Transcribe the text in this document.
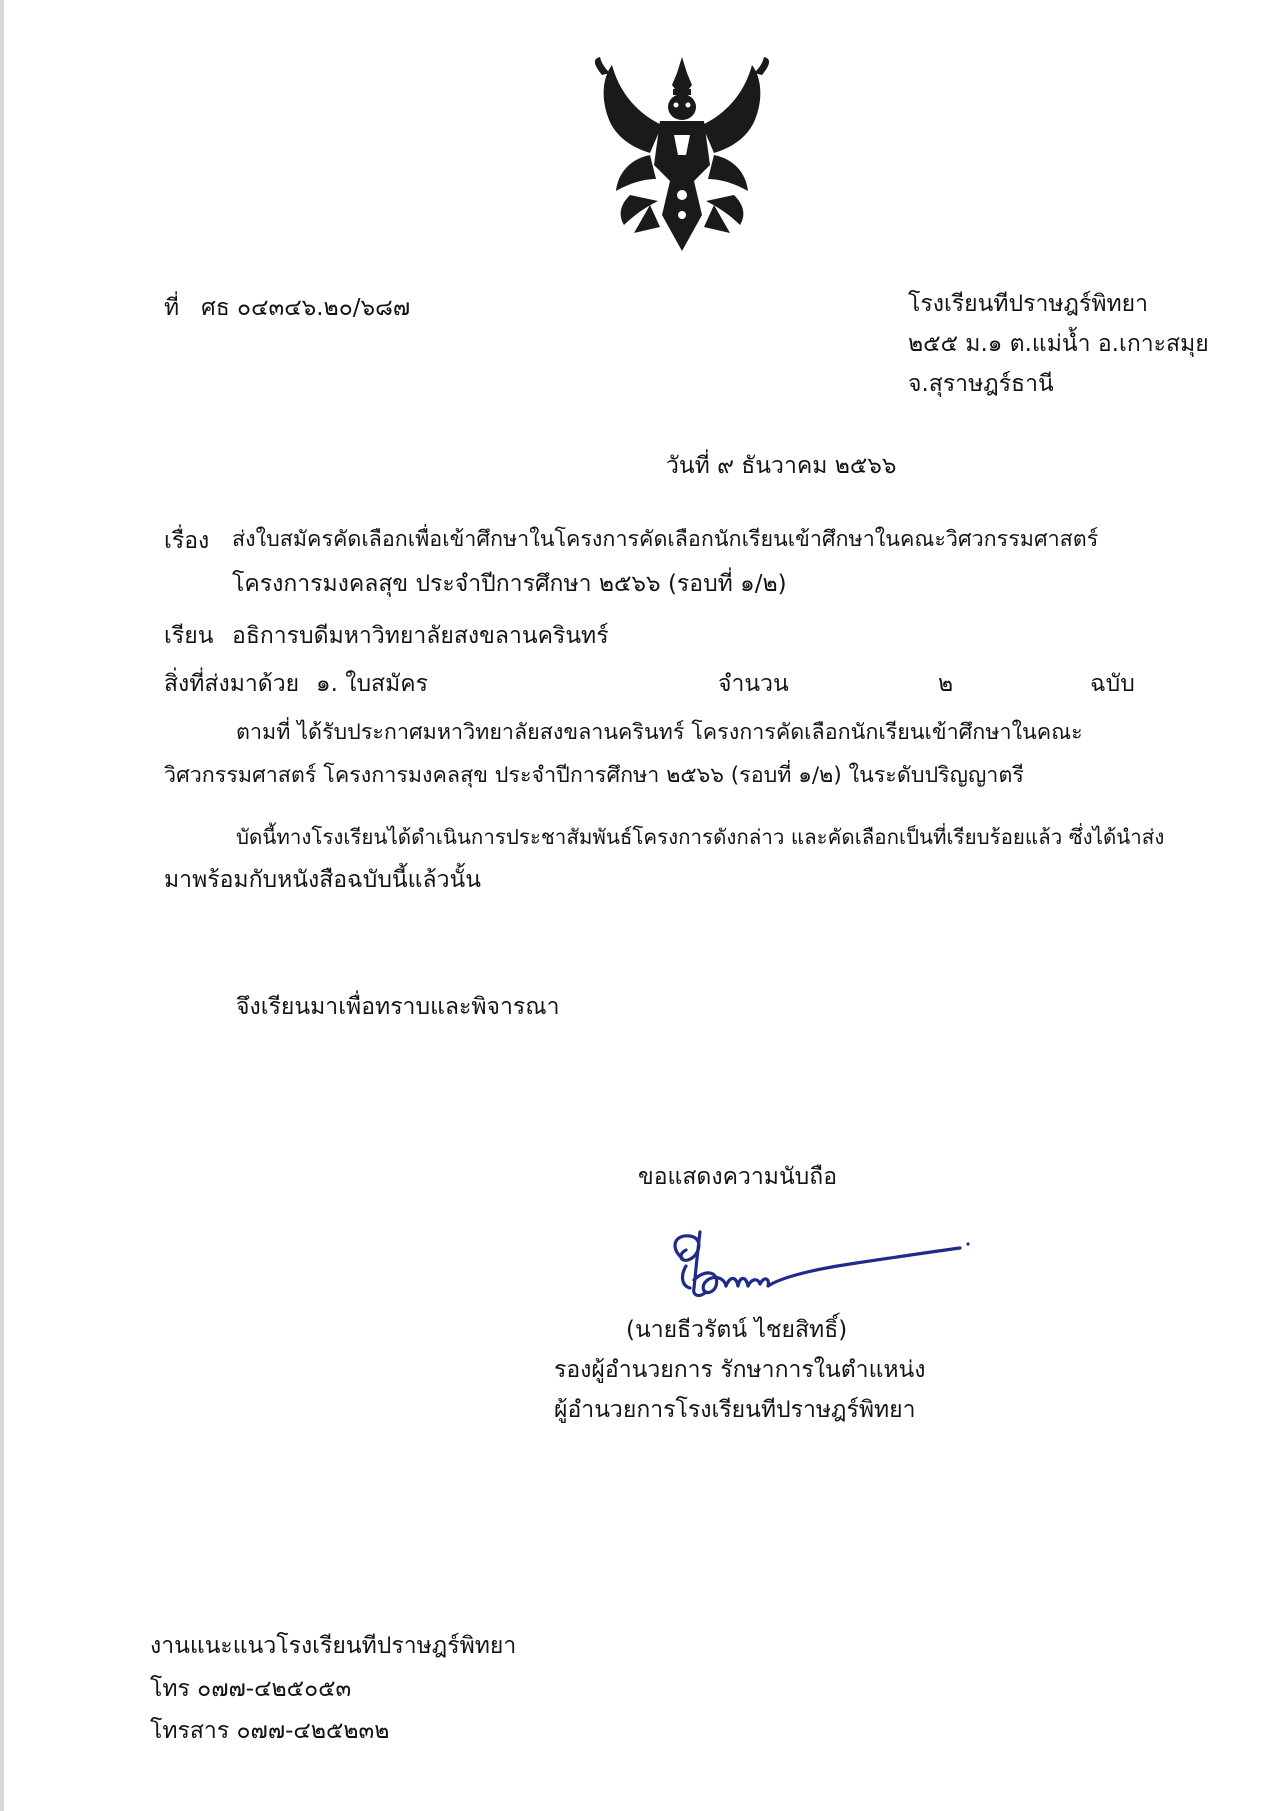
ที่ ศธ ๐๔๓๔๖.๒๐/๖๘๗	โรงเรียนทีปราษฎร์พิทยา
๒๕๕ ม.๑ ต.แม่น้ำ อ.เกาะสมุย
จ.สุราษฎร์ธานี
วันที่ ๙ ธันวาคม ๒๕๖๖
เรื่อง ส่งใบสมัครคัดเลือกเพื่อเข้าศึกษาในโครงการคัดเลือกนักเรียนเข้าศึกษาในคณะวิศวกรรมศาสตร์
โครงการมงคลสุข ประจำปีการศึกษา ๒๕๖๖ (รอบที่ ๑/๒)
เรียน อธิการบดีมหาวิทยาลัยสงขลานครินทร์
สิ่งที่ส่งมาด้วย ๑. ใบสมัคร	จำนวน	๒	ฉบับ
ตามที่ ได้รับประกาศมหาวิทยาลัยสงขลานครินทร์ โครงการคัดเลือกนักเรียนเข้าศึกษาในคณะ
วิศวกรรมศาสตร์ โครงการมงคลสุข ประจำปีการศึกษา ๒๕๖๖ (รอบที่ ๑/๒) ในระดับปริญญาตรี
บัดนี้ทางโรงเรียนได้ดำเนินการประชาสัมพันธ์โครงการดังกล่าว และคัดเลือกเป็นที่เรียบร้อยแล้ว ซึ่งได้นำส่ง
มาพร้อมกับหนังสือฉบับนี้แล้วนั้น
จึงเรียนมาเพื่อทราบและพิจารณา
ขอแสดงความนับถือ
(นายธีวรัตน์ ไชยสิทธิ์)
รองผู้อำนวยการ รักษาการในตำแหน่ง
ผู้อำนวยการโรงเรียนทีปราษฎร์พิทยา
งานแนะแนวโรงเรียนทีปราษฎร์พิทยา
โทร ๐๗๗-๔๒๕๐๕๓
โทรสาร ๐๗๗-๔๒๕๒๓๒
